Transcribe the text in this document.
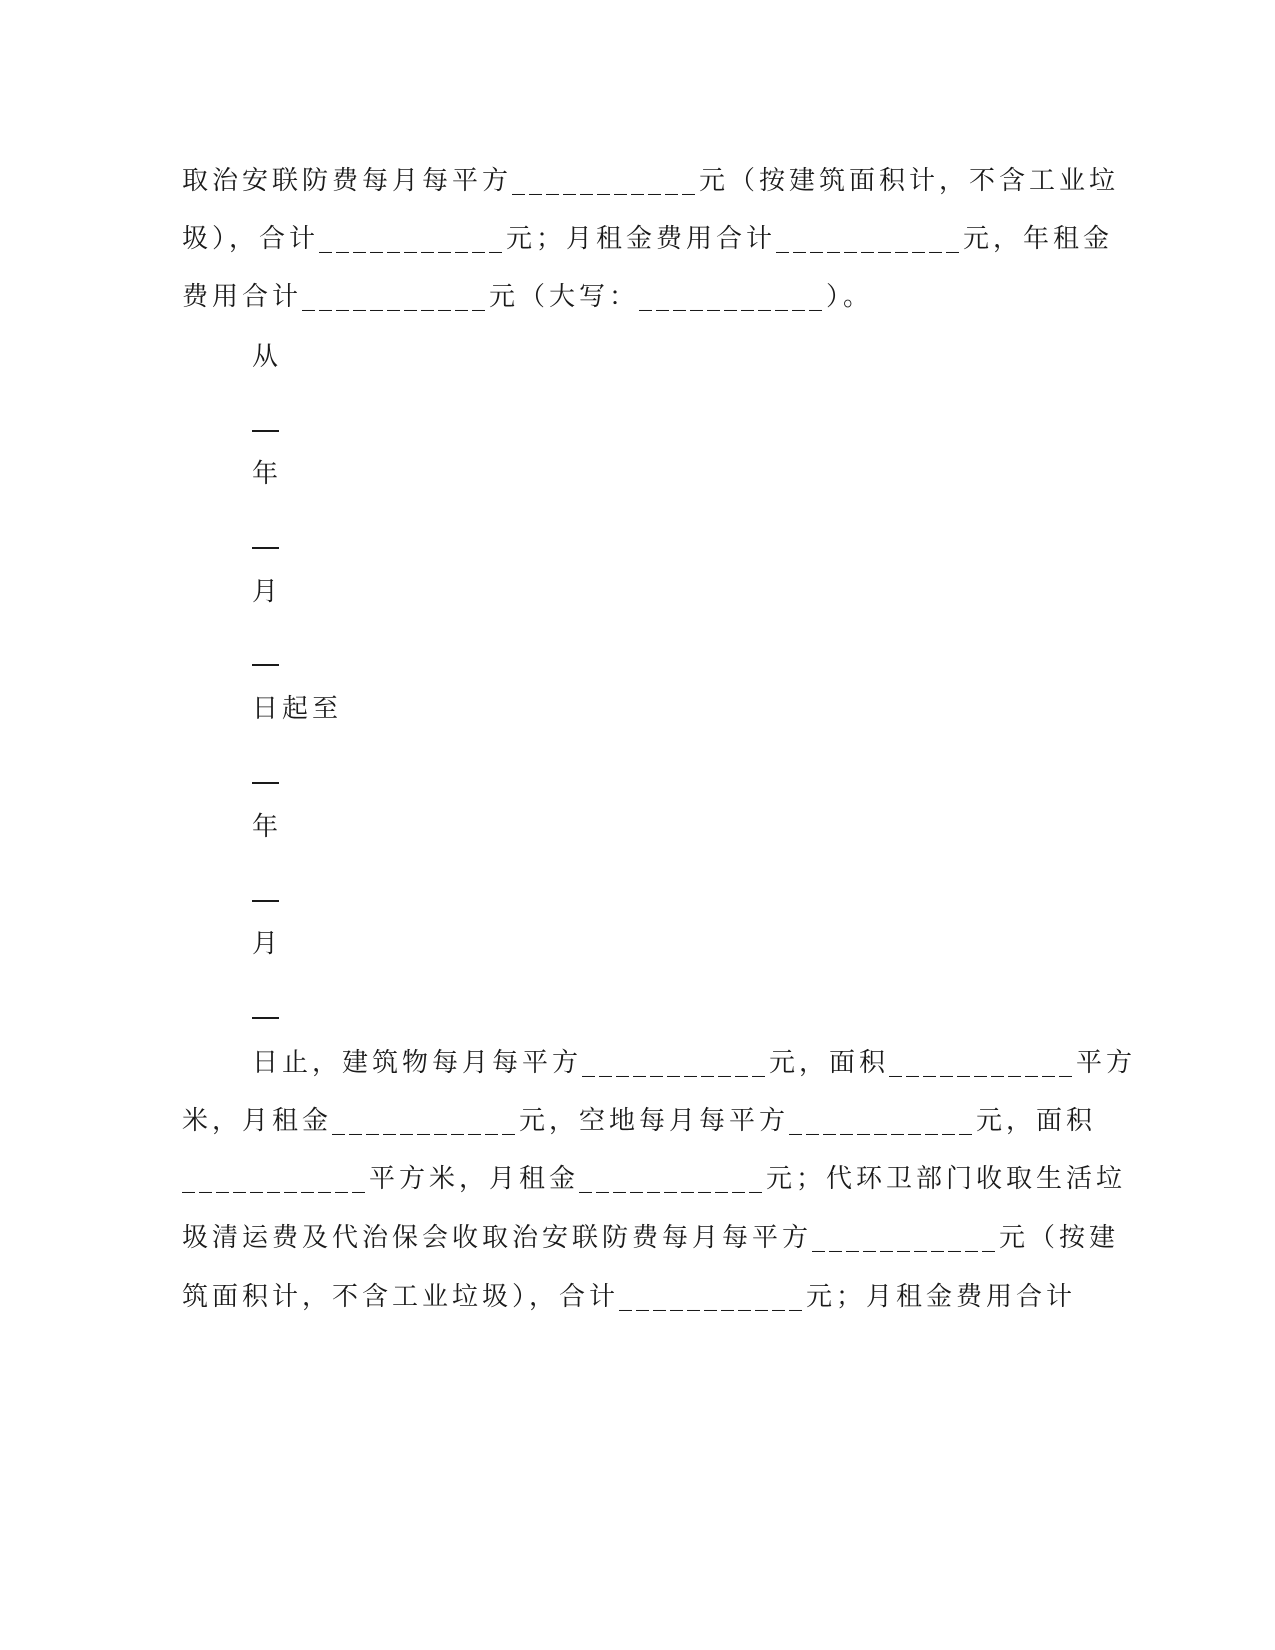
取治安联防费每月每平方___________元（按建筑面积计，不含工业垃
圾），合计___________元；月租金费用合计___________元，年租金
费用合计___________元（大写：___________）。
从
年
月
日起至
年
月
日止，建筑物每月每平方___________元，面积___________平方
米，月租金___________元，空地每月每平方___________元，面积
___________平方米，月租金___________元；代环卫部门收取生活垃
圾清运费及代治保会收取治安联防费每月每平方___________元（按建
筑面积计，不含工业垃圾），合计___________元；月租金费用合计
